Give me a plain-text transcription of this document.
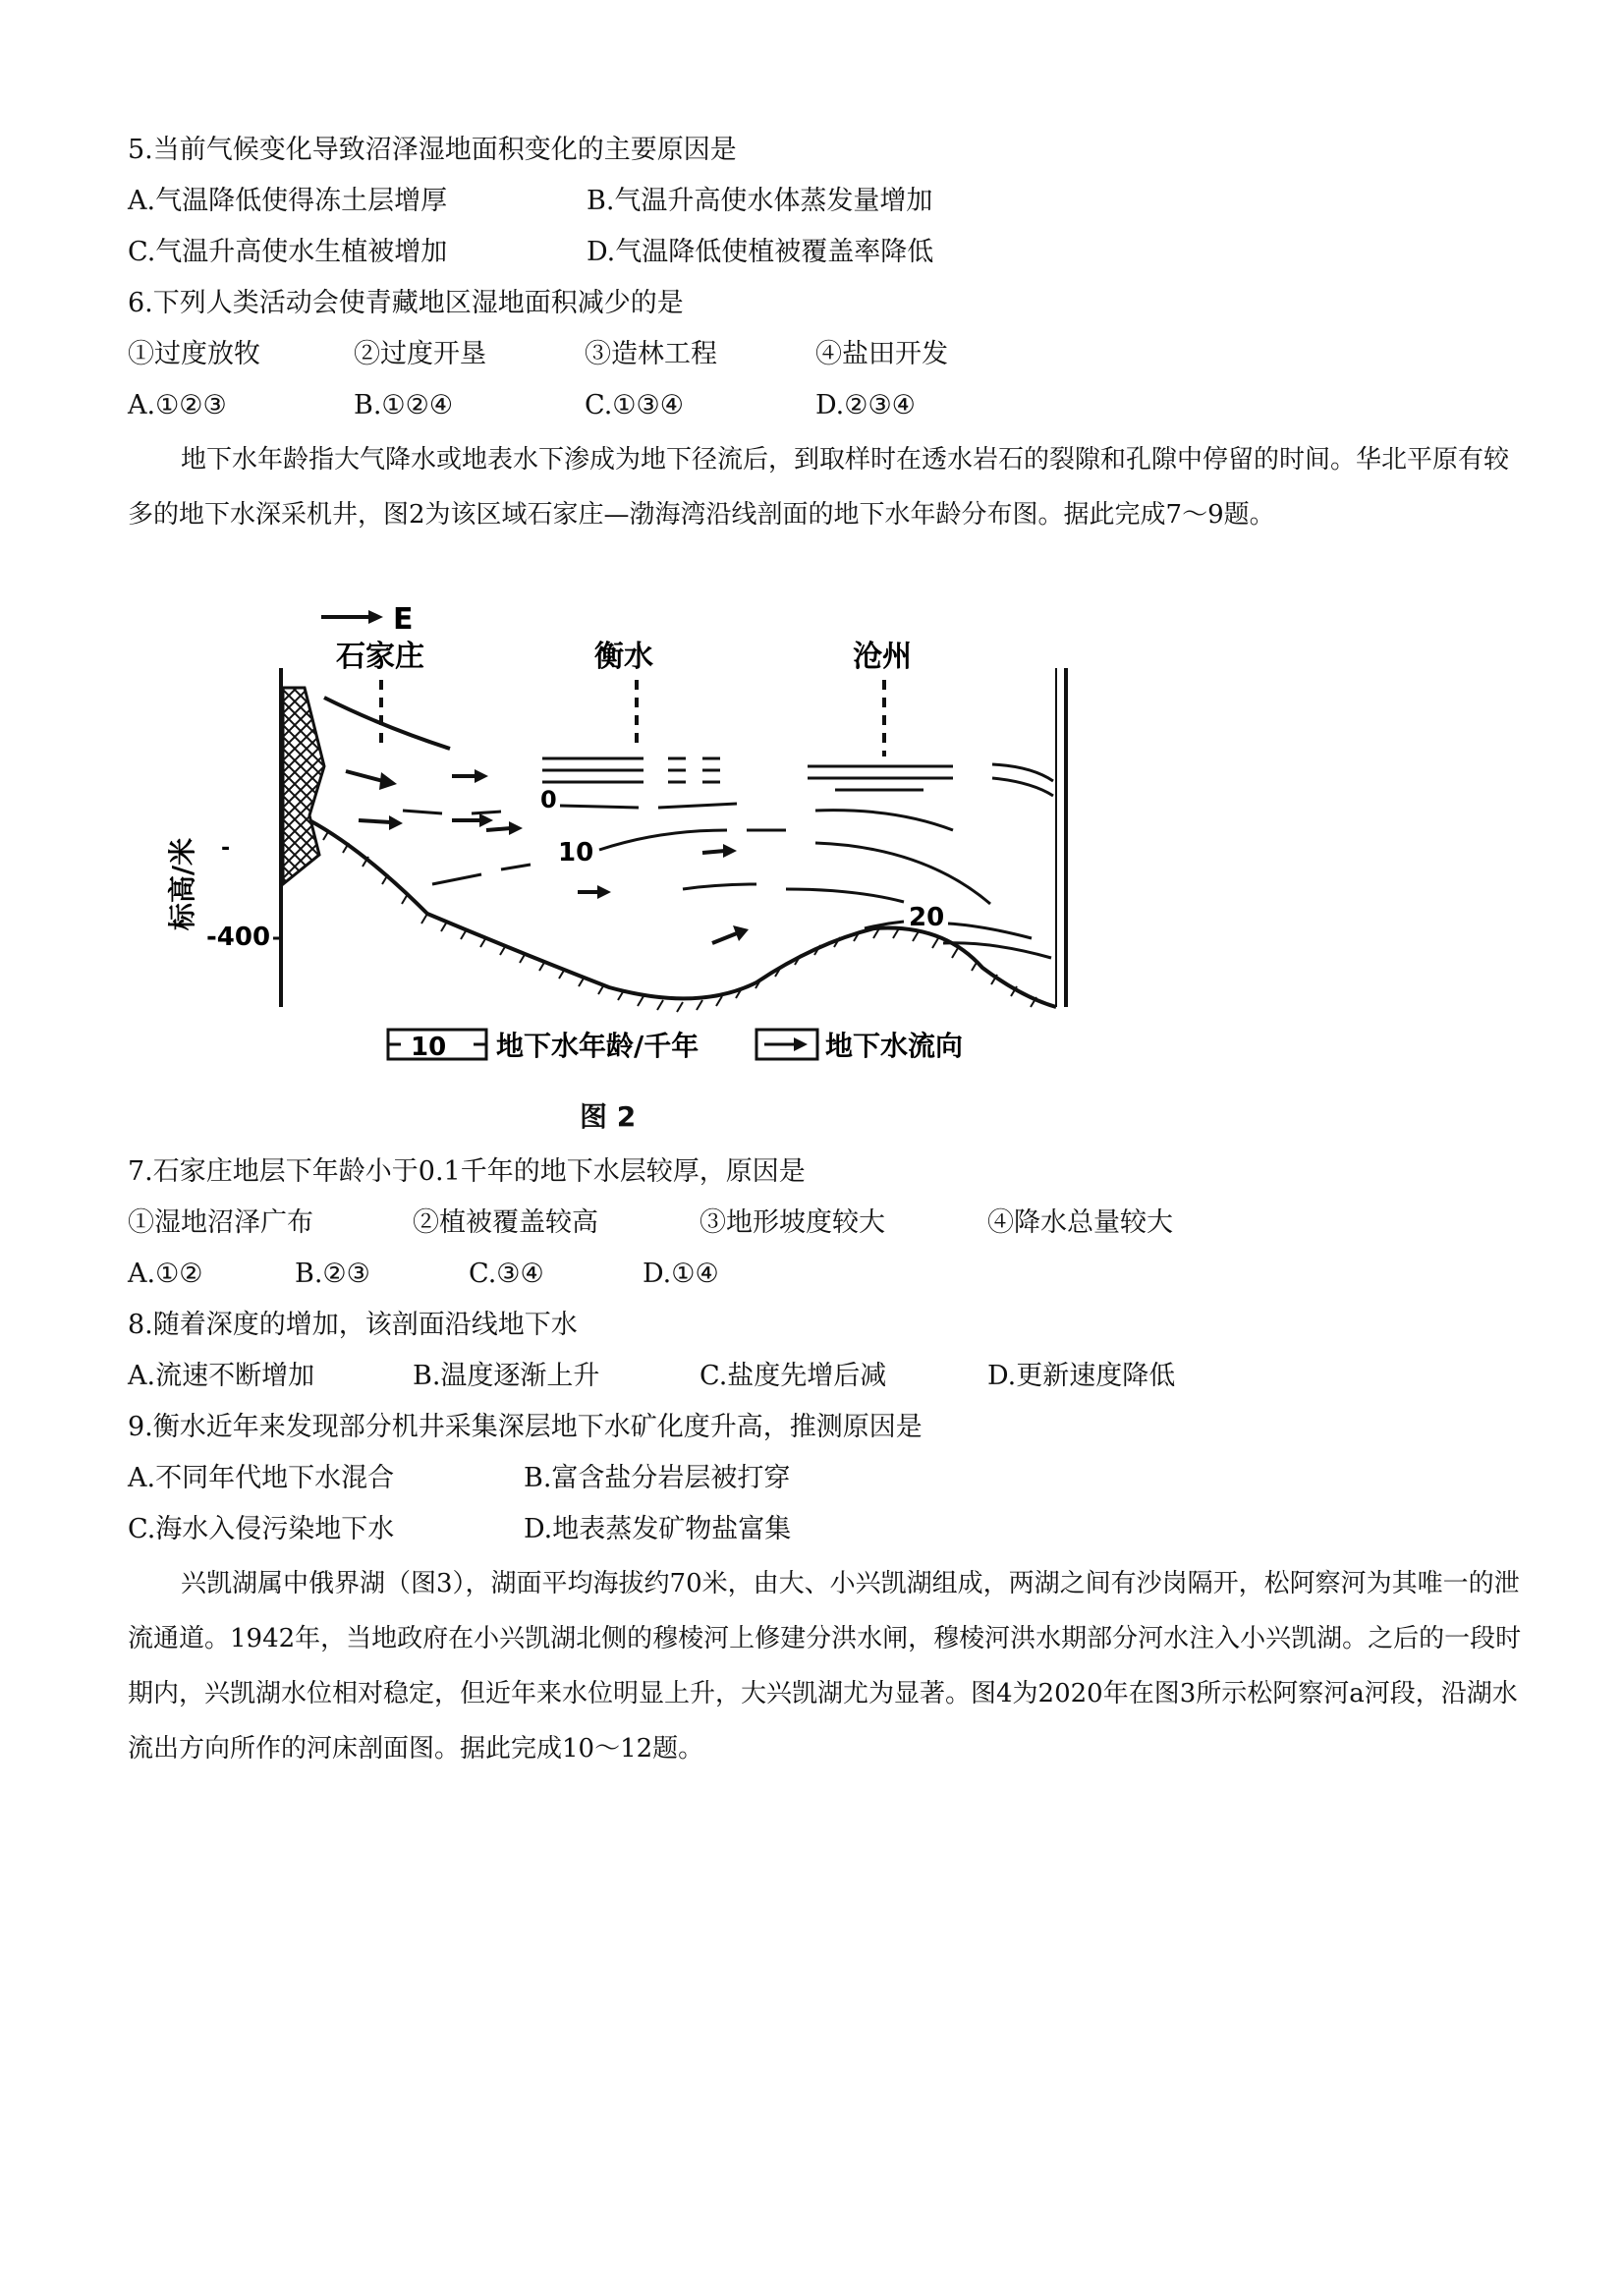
5.当前气候变化导致沼泽湿地面积变化的主要原因是
A.气温降低使得冻土层增厚	B.气温升高使水体蒸发量增加
C.气温升高使水生植被增加	D.气温降低使植被覆盖率降低
6.下列人类活动会使青藏地区湿地面积减少的是
①过度放牧	②过度开垦	③造林工程	④盐田开发
A.①②③	B.①②④	C.①③④	D.②③④

地下水年龄指大气降水或地表水下渗成为地下径流后，到取样时在透水岩石的裂隙和孔隙中停留的时间。华北平原有较多的地下水深采机井，图2为该区域石家庄—渤海湾沿线剖面的地下水年龄分布图。据此完成7～9题。

E
石家庄	衡水	沧州
标高/米
-400
-
0
10
20
10 地下水年龄/千年	地下水流向
图 2
7.石家庄地层下年龄小于0.1千年的地下水层较厚，原因是
①湿地沼泽广布	②植被覆盖较高	③地形坡度较大	④降水总量较大
A.①②	B.②③	C.③④	D.①④
8.随着深度的增加，该剖面沿线地下水
A.流速不断增加	B.温度逐渐上升	C.盐度先增后减	D.更新速度降低
9.衡水近年来发现部分机井采集深层地下水矿化度升高，推测原因是
A.不同年代地下水混合	B.富含盐分岩层被打穿
C.海水入侵污染地下水	D.地表蒸发矿物盐富集

兴凯湖属中俄界湖（图3），湖面平均海拔约70米，由大、小兴凯湖组成，两湖之间有沙岗隔开，松阿察河为其唯一的泄流通道。1942年，当地政府在小兴凯湖北侧的穆棱河上修建分洪水闸，穆棱河洪水期部分河水注入小兴凯湖。之后的一段时期内，兴凯湖水位相对稳定，但近年来水位明显上升，大兴凯湖尤为显著。图4为2020年在图3所示松阿察河a河段，沿湖水流出方向所作的河床剖面图。据此完成10～12题。
